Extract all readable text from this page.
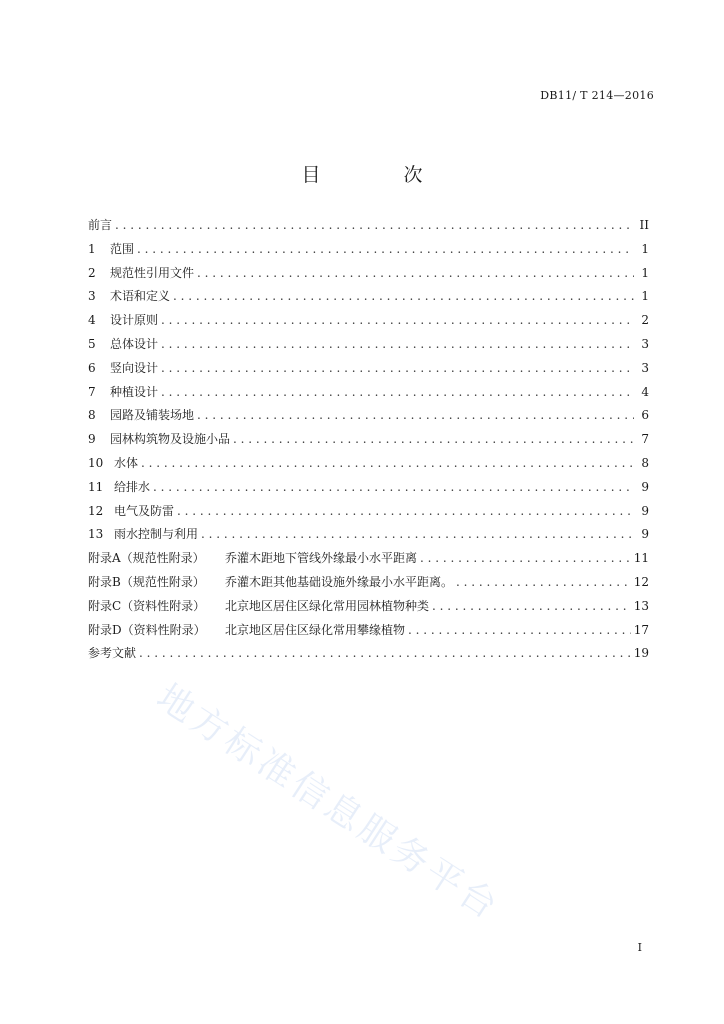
DB11/ T 214—2016
目　次
前言 . . .	II
1	范围 . . .	1
2	规范性引用文件 . . .	1
3	术语和定义 . . .	1
4	设计原则 . . .	2
5	总体设计 . . .	3
6	竖向设计 . . .	3
7	种植设计 . . .	4
8	园路及铺装场地 . . .	6
9	园林构筑物及设施小品 . . .	7
10 水体 . . .	8
11 给排水 . . .	9
12 电气及防雷 . . .	9
13 雨水控制与利用 . . .	9
附录A（规范性附录）	乔灌木距地下管线外缘最小水平距离 . . .	11
附录B（规范性附录）	乔灌木距其他基础设施外缘最小水平距离。 . . .	12
附录C（资料性附录）	北京地区居住区绿化常用园林植物种类 . . .	13
附录D（资料性附录）	北京地区居住区绿化常用攀缘植物 . . .	17
参考文献 . . .	19
地方标准信息服务平台
I
